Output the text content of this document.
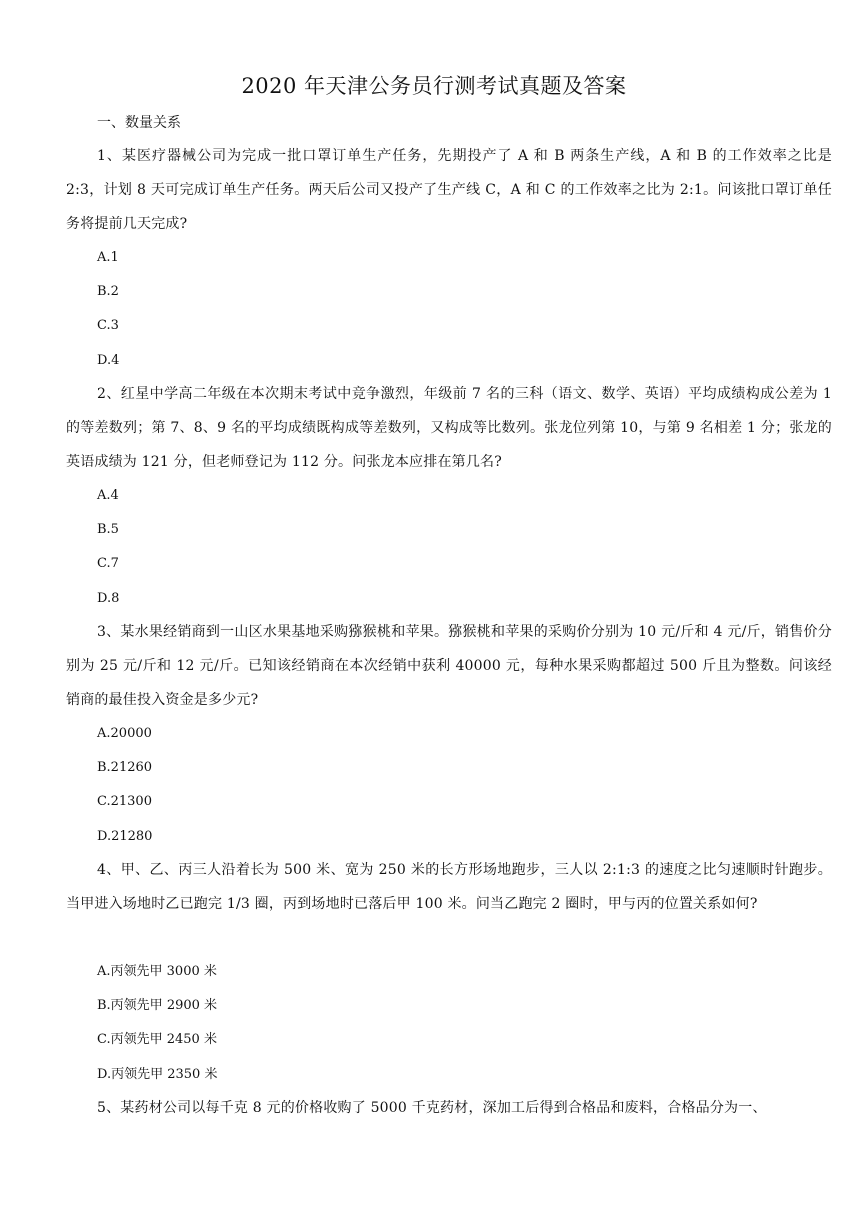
2020 年天津公务员行测考试真题及答案
一、数量关系
1、某医疗器械公司为完成一批口罩订单生产任务，先期投产了 A 和 B 两条生产线，A 和 B 的工作效率之比是 2:3，计划 8 天可完成订单生产任务。两天后公司又投产了生产线 C，A 和 C 的工作效率之比为 2:1。问该批口罩订单任务将提前几天完成?
A.1
B.2
C.3
D.4
2、红星中学高二年级在本次期末考试中竞争激烈，年级前 7 名的三科（语文、数学、英语）平均成绩构成公差为 1 的等差数列；第 7、8、9 名的平均成绩既构成等差数列，又构成等比数列。张龙位列第 10，与第 9 名相差 1 分；张龙的英语成绩为 121 分，但老师登记为 112 分。问张龙本应排在第几名?
A.4
B.5
C.7
D.8
3、某水果经销商到一山区水果基地采购猕猴桃和苹果。猕猴桃和苹果的采购价分别为 10 元/斤和 4 元/斤，销售价分别为 25 元/斤和 12 元/斤。已知该经销商在本次经销中获利 40000 元，每种水果采购都超过 500 斤且为整数。问该经销商的最佳投入资金是多少元?
A.20000
B.21260
C.21300
D.21280
4、甲、乙、丙三人沿着长为 500 米、宽为 250 米的长方形场地跑步，三人以 2:1:3 的速度之比匀速顺时针跑步。当甲进入场地时乙已跑完 1/3 圈，丙到场地时已落后甲 100 米。问当乙跑完 2 圈时，甲与丙的位置关系如何?
A.丙领先甲 3000 米
B.丙领先甲 2900 米
C.丙领先甲 2450 米
D.丙领先甲 2350 米
5、某药材公司以每千克 8 元的价格收购了 5000 千克药材，深加工后得到合格品和废料，合格品分为一、
